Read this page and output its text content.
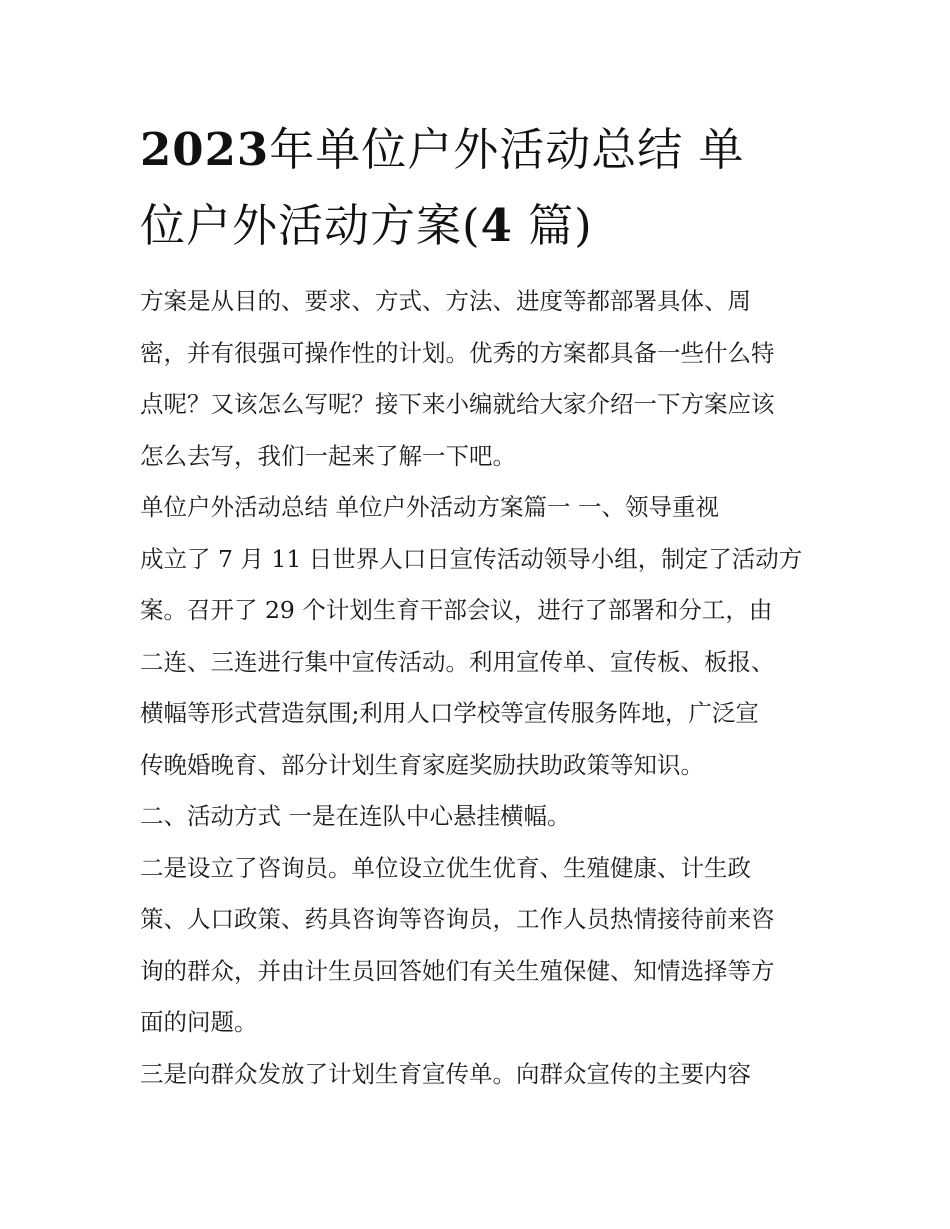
2023年单位户外活动总结 单
位户外活动方案(4 篇)
方案是从目的、要求、方式、方法、进度等都部署具体、周
密，并有很强可操作性的计划。优秀的方案都具备一些什么特
点呢？又该怎么写呢？接下来小编就给大家介绍一下方案应该
怎么去写，我们一起来了解一下吧。
单位户外活动总结 单位户外活动方案篇一 一、领导重视
成立了 7 月 11 日世界人口日宣传活动领导小组，制定了活动方
案。召开了 29 个计划生育干部会议，进行了部署和分工，由
二连、三连进行集中宣传活动。利用宣传单、宣传板、板报、
横幅等形式营造氛围;利用人口学校等宣传服务阵地，广泛宣
传晚婚晚育、部分计划生育家庭奖励扶助政策等知识。
二、活动方式 一是在连队中心悬挂横幅。
二是设立了咨询员。单位设立优生优育、生殖健康、计生政
策、人口政策、药具咨询等咨询员，工作人员热情接待前来咨
询的群众，并由计生员回答她们有关生殖保健、知情选择等方
面的问题。
三是向群众发放了计划生育宣传单。向群众宣传的主要内容
